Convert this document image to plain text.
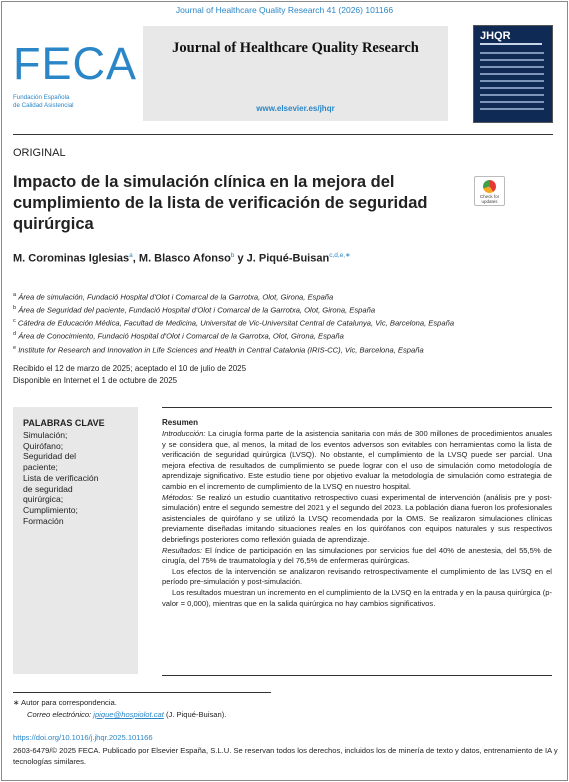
Journal of Healthcare Quality Research 41 (2026) 101166
FECA
Fundación Española
de Calidad Asistencial
Journal of Healthcare Quality Research
www.elsevier.es/jhqr
JHQR
ORIGINAL
Impacto de la simulación clínica en la mejora del cumplimiento de la lista de verificación de seguridad quirúrgica
Check for
updates
M. Corominas Iglesias$^a$, M. Blasco Afonso$^b$ y J. Piqué-Buisan$^{c,d,e,∗}$
$^a$ Área de simulación, Fundació Hospital d'Olot i Comarcal de la Garrotxa, Olot, Girona, España
$^b$ Área de Seguridad del paciente, Fundació Hospital d'Olot i Comarcal de la Garrotxa, Olot, Girona, España
$^c$ Cátedra de Educación Médica, Facultad de Medicina, Universitat de Vic-Universitat Central de Catalunya, Vic, Barcelona, España
$^d$ Área de Conocimiento, Fundació Hospital d'Olot i Comarcal de la Garrotxa, Olot, Girona, España
$^e$ Institute for Research and Innovation in Life Sciences and Health in Central Catalonia (IRIS-CC), Vic, Barcelona, España
Recibido el 12 de marzo de 2025; aceptado el 10 de julio de 2025
Disponible en Internet el 1 de octubre de 2025
PALABRAS CLAVE
Simulación;
Quirófano;
Seguridad del
paciente;
Lista de verificación
de seguridad
quirúrgica;
Cumplimiento;
Formación
Resumen

Introducción: La cirugía forma parte de la asistencia sanitaria con más de 300 millones de procedimientos anuales y se considera que, al menos, la mitad de los eventos adversos son evitables con herramientas como la lista de verificación de seguridad quirúrgica (LVSQ). No obstante, el cumplimiento de la LVSQ puede ser parcial. Una mejora efectiva de resultados de cumplimiento se puede lograr con el uso de simulación como metodología de aprendizaje significativo. Este estudio tiene por objetivo evaluar la metodología de simulación como estrategia de cambio en el incremento de cumplimiento de la LVSQ en nuestro hospital.

Métodos: Se realizó un estudio cuantitativo retrospectivo cuasi experimental de intervención (análisis pre y post-simulación) entre el segundo semestre del 2021 y el segundo del 2023. La población diana fueron los profesionales asistenciales de quirófano y se utilizó la LVSQ recomendada por la OMS. Se realizaron simulaciones clínicas previamente diseñadas imitando situaciones reales en los quirófanos con equipos naturales y sus respectivos debriefings posteriores como reflexión guiada de aprendizaje.

Resultados: El índice de participación en las simulaciones por servicios fue del 40% de anestesia, del 55,5% de cirugía, del 75% de traumatología y del 76,5% de enfermeras quirúrgicas.

Los efectos de la intervención se analizaron revisando retrospectivamente el cumplimiento de las LVSQ en el período pre-simulación y post-simulación.

Los resultados muestran un incremento en el cumplimiento de la LVSQ en la entrada y en la pausa quirúrgica (p-valor = 0,000), mientras que en la salida quirúrgica no hay cambios significativos.

∗ Autor para correspondencia.
Correo electrónico: jpique@hospiolot.cat (J. Piqué-Buisan).
https://doi.org/10.1016/j.jhqr.2025.101166
2603-6479/© 2025 FECA. Publicado por Elsevier España, S.L.U. Se reservan todos los derechos, incluidos los de minería de texto y datos, entrenamiento de IA y tecnologías similares.
